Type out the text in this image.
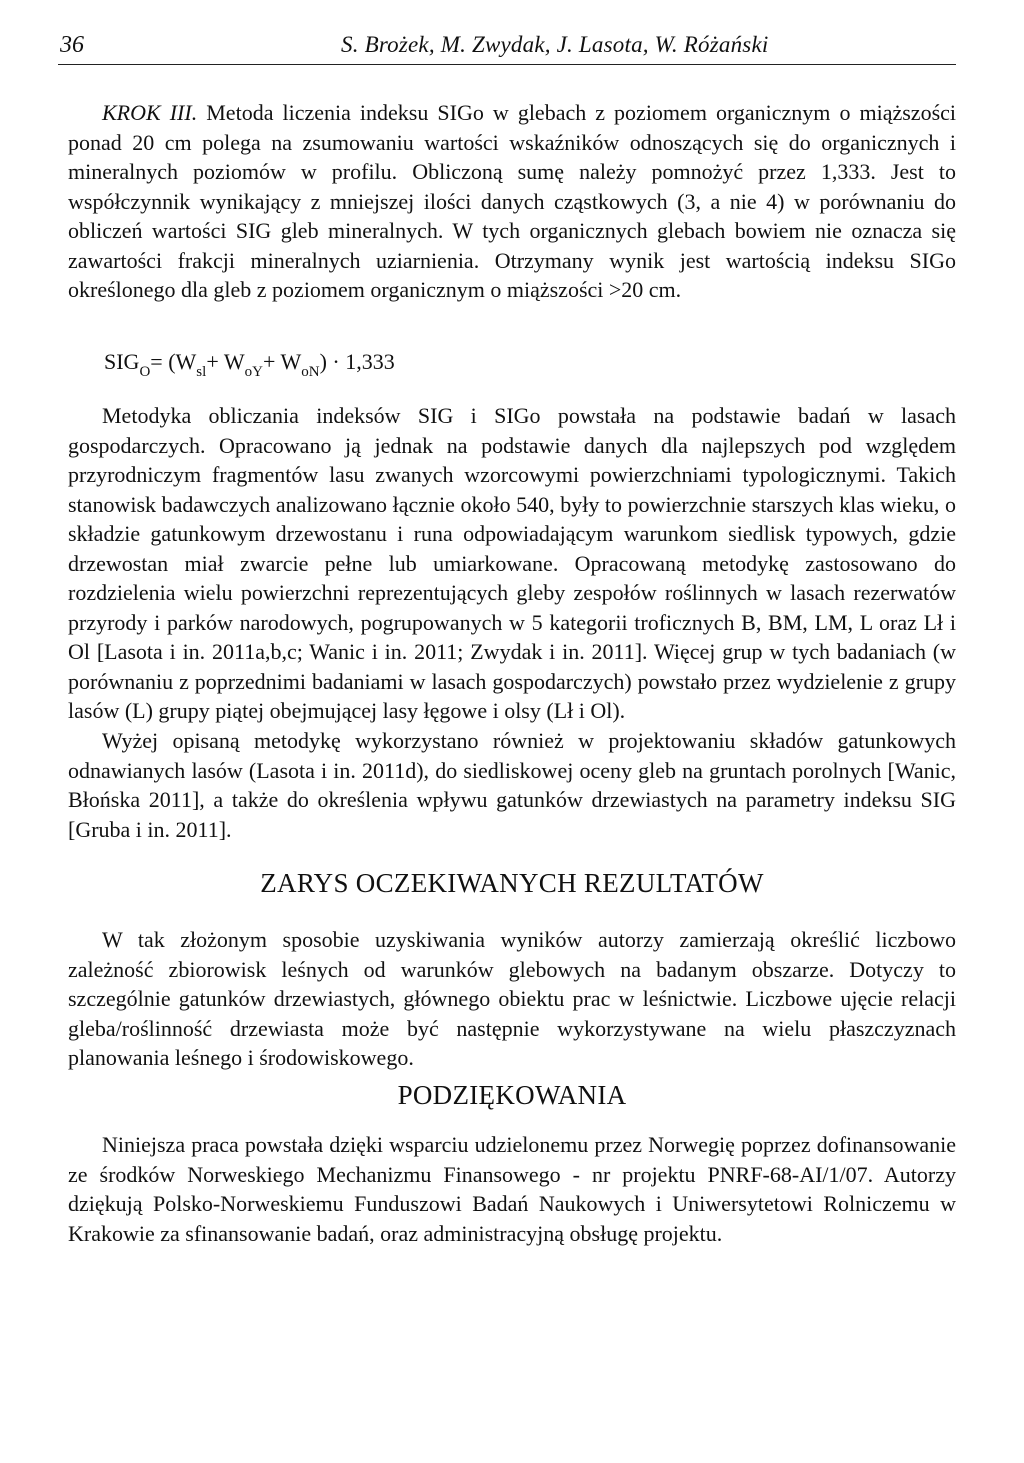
36	S. Brożek, M. Zwydak, J. Lasota, W. Różański

KROK III. Metoda liczenia indeksu SIGo w glebach z poziomem organicznym o miąższości ponad 20 cm polega na zsumowaniu wartości wskaźników odnoszących się do organicznych i mineralnych poziomów w profilu. Obliczoną sumę należy pomnożyć przez 1,333. Jest to współczynnik wynikający z mniejszej ilości danych cząstkowych (3, a nie 4) w porównaniu do obliczeń wartości SIG gleb mineralnych. W tych organicznych glebach bowiem nie oznacza się zawartości frakcji mineralnych uziarnienia. Otrzymany wynik jest wartością indeksu SIGo określonego dla gleb z poziomem organicznym o miąższości >20 cm.

$SIG_O= (W_{sl}+ W_{oY}+ W_{oN}) \cdot 1,333$

Metodyka obliczania indeksów SIG i SIGo powstała na podstawie badań w lasach gospodarczych. Opracowano ją jednak na podstawie danych dla najlepszych pod względem przyrodniczym fragmentów lasu zwanych wzorcowymi powierzchniami typologicznymi. Takich stanowisk badawczych analizowano łącznie około 540, były to powierzchnie starszych klas wieku, o składzie gatunkowym drzewostanu i runa odpowiadającym warunkom siedlisk typowych, gdzie drzewostan miał zwarcie pełne lub umiarkowane. Opracowaną metodykę zastosowano do rozdzielenia wielu powierzchni reprezentujących gleby zespołów roślinnych w lasach rezerwatów przyrody i parków narodowych, pogrupowanych w 5 kategorii troficznych B, BM, LM, L oraz Lł i Ol [Lasota i in. 2011a,b,c; Wanic i in. 2011; Zwydak i in. 2011]. Więcej grup w tych badaniach (w porównaniu z poprzednimi badaniami w lasach gospodarczych) powstało przez wydzielenie z grupy lasów (L) grupy piątej obejmującej lasy łęgowe i olsy (Lł i Ol).

Wyżej opisaną metodykę wykorzystano również w projektowaniu składów gatunkowych odnawianych lasów (Lasota i in. 2011d), do siedliskowej oceny gleb na gruntach porolnych [Wanic, Błońska 2011], a także do określenia wpływu gatunków drzewiastych na parametry indeksu SIG [Gruba i in. 2011].

ZARYS OCZEKIWANYCH REZULTATÓW

W tak złożonym sposobie uzyskiwania wyników autorzy zamierzają określić liczbowo zależność zbiorowisk leśnych od warunków glebowych na badanym obszarze. Dotyczy to szczególnie gatunków drzewiastych, głównego obiektu prac w leśnictwie. Liczbowe ujęcie relacji gleba/roślinność drzewiasta może być następnie wykorzystywane na wielu płaszczyznach planowania leśnego i środowiskowego.

PODZIĘKOWANIA

Niniejsza praca powstała dzięki wsparciu udzielonemu przez Norwegię poprzez dofinansowanie ze środków Norweskiego Mechanizmu Finansowego - nr projektu PNRF-68-AI/1/07. Autorzy dziękują Polsko-Norweskiemu Funduszowi Badań Naukowych i Uniwersytetowi Rolniczemu w Krakowie za sfinansowanie badań, oraz administracyjną obsługę projektu.
